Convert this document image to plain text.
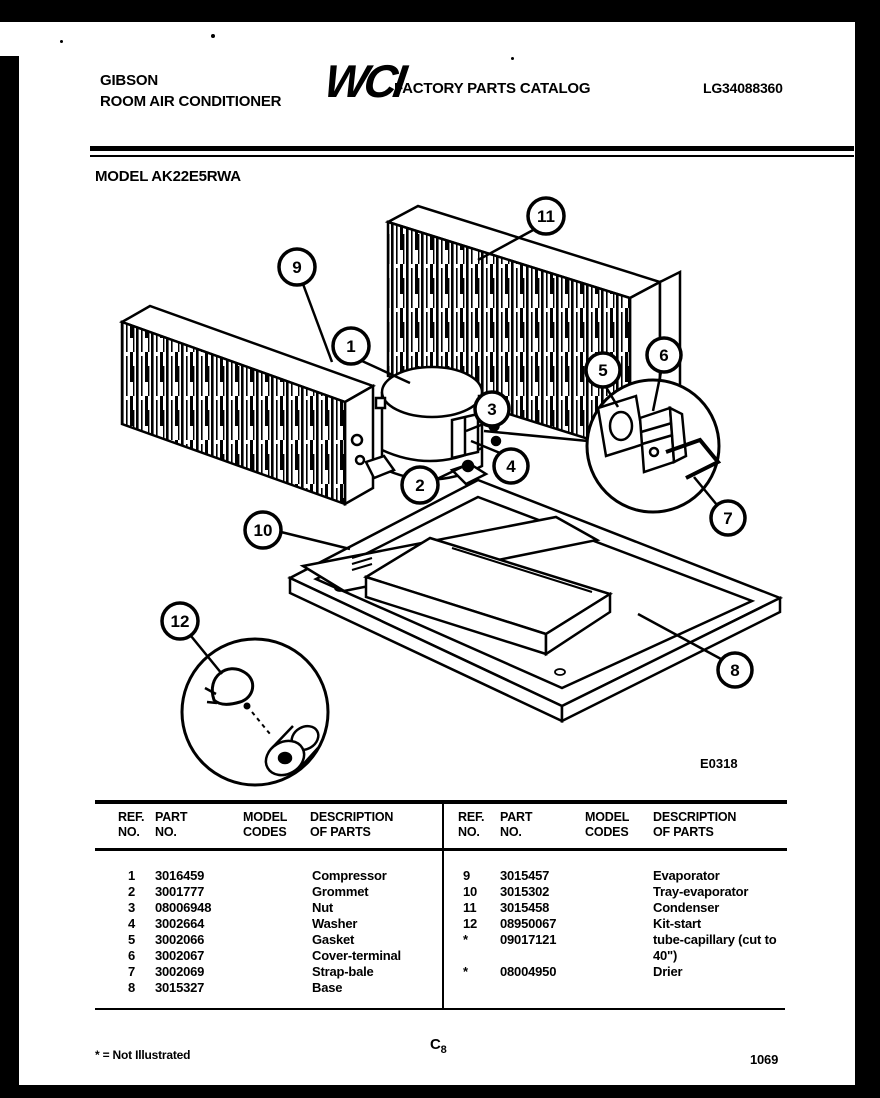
GIBSON
ROOM AIR CONDITIONER WCI
FACTORY PARTS CATALOG	LG34088360
MODEL AK22E5RWA
1
2
3
4
5
6
7
8
9
10
11
12
E0318
REF.
NO.
PART
NO.
MODEL
CODES
DESCRIPTION
OF PARTS
REF.
NO.
PART
NO.
MODEL
CODES
DESCRIPTION
OF PARTS
1	3016459	Compressor
2	3001777	Grommet
3	08006948	Nut
4	3002664	Washer
5	3002066	Gasket
6	3002067	Cover-terminal
7	3002069	Strap-bale
8	3015327	Base
9	3015457	Evaporator
10	3015302	Tray-evaporator
11	3015458	Condenser
12	08950067	Kit-start
*	09017121	tube-capillary (cut to 40")
*	08004950	Drier
* = Not Illustrated
$C_8$
1069
